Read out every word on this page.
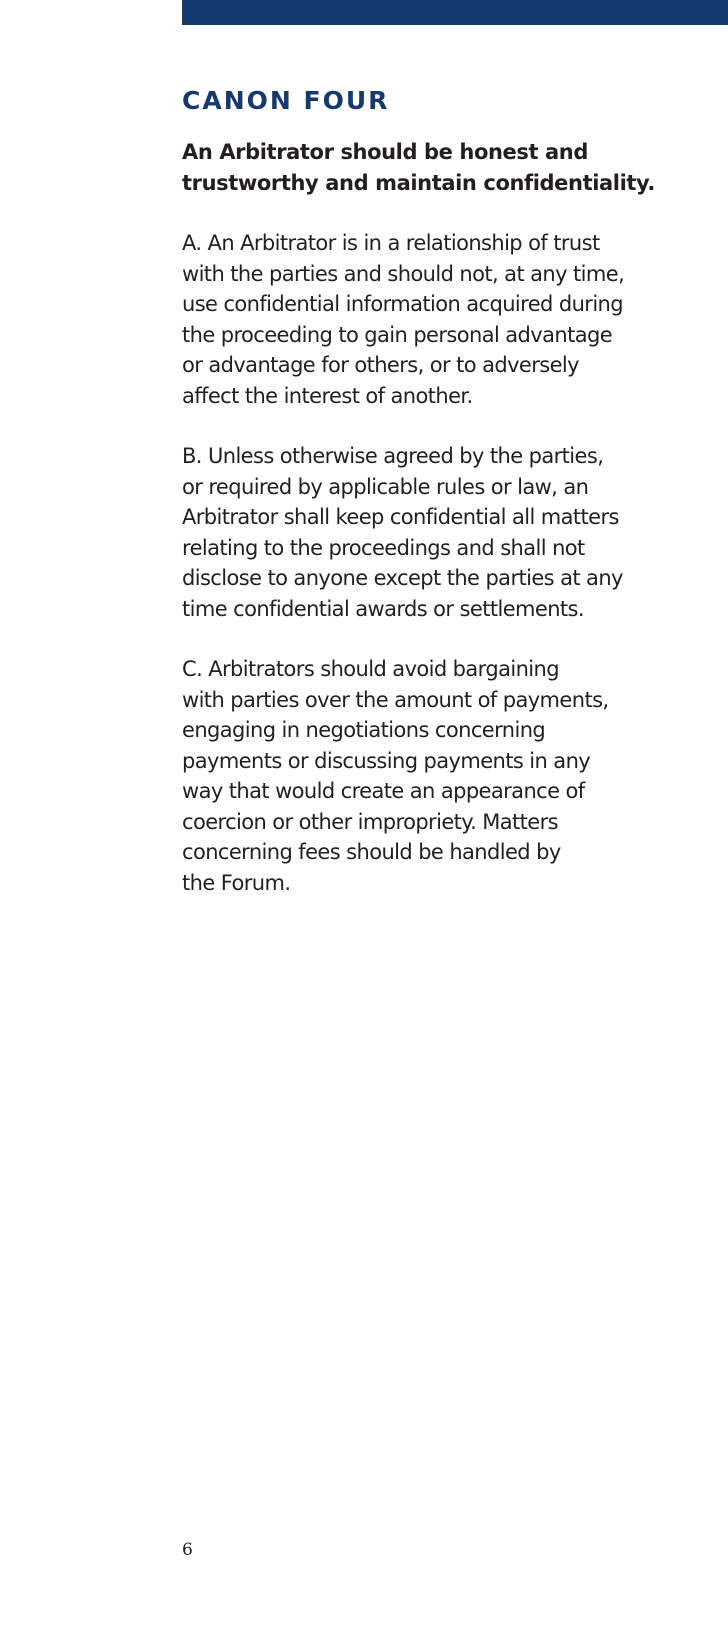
CANON FOUR
An Arbitrator should be honest and
trustworthy and maintain confidentiality.

A. An Arbitrator is in a relationship of trust
with the parties and should not, at any time,
use confidential information acquired during
the proceeding to gain personal advantage
or advantage for others, or to adversely
affect the interest of another.

B. Unless otherwise agreed by the parties,
or required by applicable rules or law, an
Arbitrator shall keep confidential all matters
relating to the proceedings and shall not
disclose to anyone except the parties at any
time confidential awards or settlements.

C. Arbitrators should avoid bargaining
with parties over the amount of payments,
engaging in negotiations concerning
payments or discussing payments in any
way that would create an appearance of
coercion or other impropriety. Matters
concerning fees should be handled by
the Forum.

6
